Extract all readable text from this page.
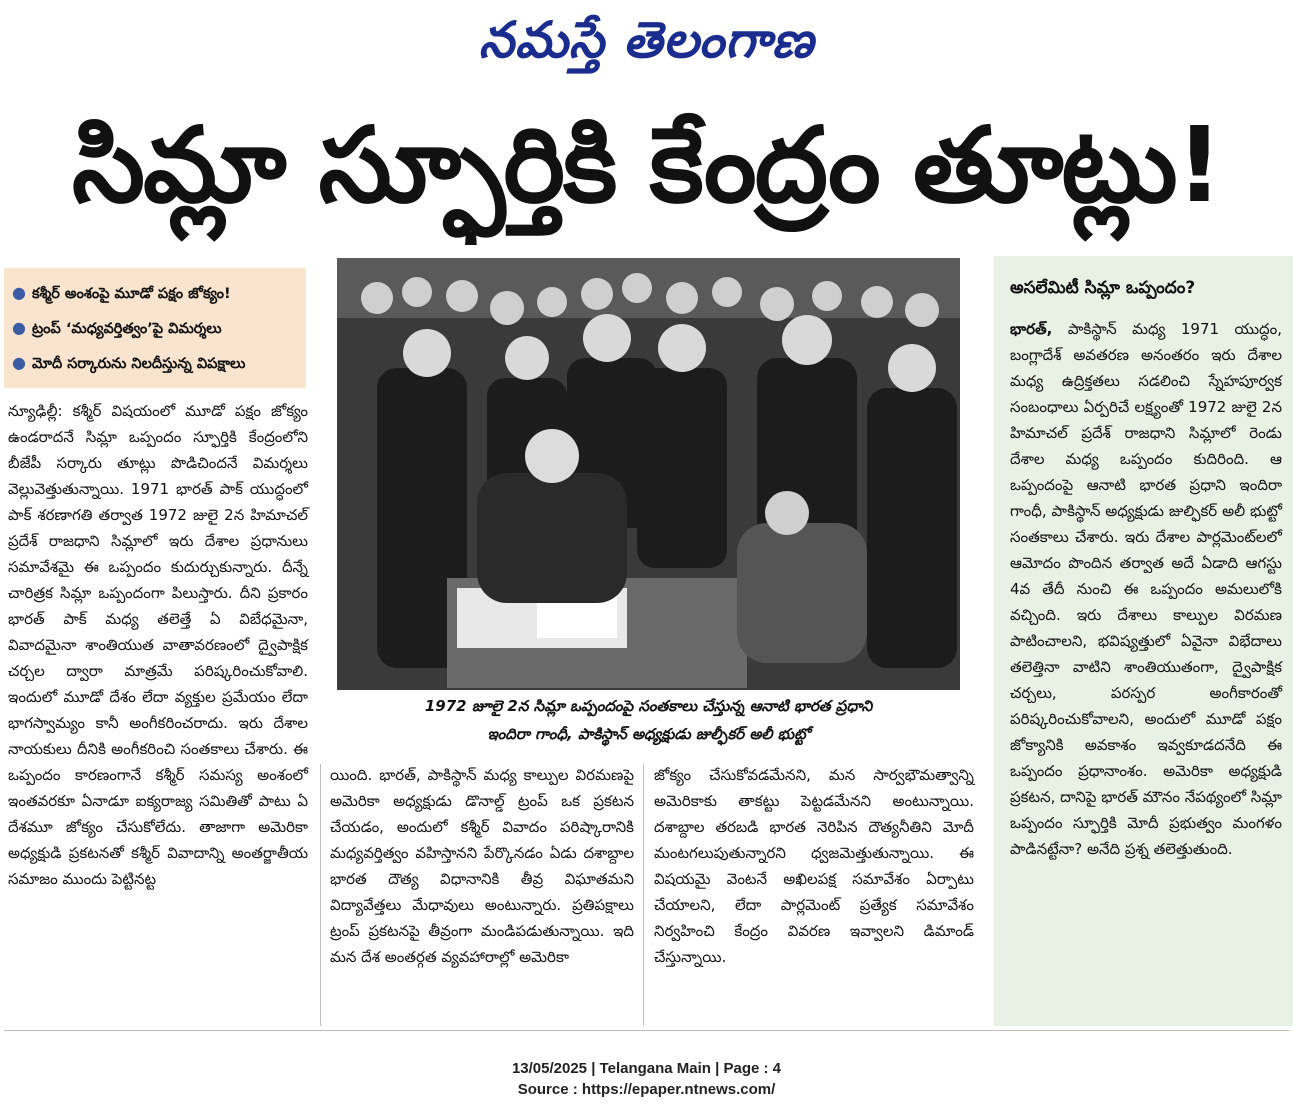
నమస్తే తెలంగాణ
సిమ్లా స్ఫూర్తికి కేంద్రం తూట్లు!
● కశ్మీర్ అంశంపై మూడో పక్షం జోక్యం!
● ట్రంప్ ‘మధ్యవర్తిత్వం’పై విమర్శలు
● మోదీ సర్కారును నిలదీస్తున్న విపక్షాలు

న్యూఢిల్లీ: కశ్మీర్ విషయంలో మూడో పక్షం జోక్యం ఉండరాదనే సిమ్లా ఒప్పందం స్ఫూర్తికి కేంద్రంలోని బీజేపీ సర్కారు తూట్లు పొడిచిందనే విమర్శలు వెల్లువెత్తుతున్నాయి. 1971 భారత్ పాక్ యుద్ధంలో పాక్ శరణాగతి తర్వాత 1972 జులై 2న హిమాచల్ ప్రదేశ్ రాజధాని సిమ్లాలో ఇరు దేశాల ప్రధానులు సమావేశమై ఈ ఒప్పందం కుదుర్చుకున్నారు. దీన్నే చారిత్రక సిమ్లా ఒప్పందంగా పిలుస్తారు. దీని ప్రకారం భారత్ పాక్ మధ్య తలెత్తే ఏ విబేధమైనా, వివాదమైనా శాంతియుత వాతావరణంలో ద్వైపాక్షిక చర్చల ద్వారా మాత్రమే పరిష్కరించుకోవాలి. ఇందులో మూడో దేశం లేదా వ్యక్తుల ప్రమేయం లేదా భాగస్వామ్యం కానీ అంగీకరించరాదు. ఇరు దేశాల నాయకులు దీనికి అంగీకరించి సంతకాలు చేశారు. ఈ ఒప్పందం కారణంగానే కశ్మీర్ సమస్య అంశంలో ఇంతవరకూ ఏనాడూ ఐక్యరాజ్య సమితితో పాటు ఏ దేశమూ జోక్యం చేసుకోలేదు. తాజాగా అమెరికా అధ్యక్షుడి ప్రకటనతో కశ్మీర్ వివాదాన్ని అంతర్జాతీయ సమాజం ముందు పెట్టినట్ట

1972 జూలై 2న సిమ్లా ఒప్పందంపై సంతకాలు చేస్తున్న ఆనాటి భారత ప్రధాని
ఇందిరా గాంధీ, పాకిస్థాన్ అధ్యక్షుడు జుల్ఫీకర్ అలీ భుట్టో

యింది. భారత్, పాకిస్థాన్ మధ్య కాల్పుల విరమణపై అమెరికా అధ్యక్షుడు డొనాల్డ్ ట్రంప్ ఒక ప్రకటన చేయడం, అందులో కశ్మీర్ వివాదం పరిష్కారానికి మధ్యవర్తిత్వం వహిస్తానని పేర్కొనడం ఏడు దశాబ్దాల భారత దౌత్య విధానానికి తీవ్ర విఘాతమని విద్యావేత్తలు మేధావులు అంటున్నారు. ప్రతిపక్షాలు ట్రంప్ ప్రకటనపై తీవ్రంగా మండిపడుతున్నాయి. ఇది మన దేశ అంతర్గత వ్యవహారాల్లో అమెరికా

జోక్యం చేసుకోవడమేనని, మన సార్వభౌమత్వాన్ని అమెరికాకు తాకట్టు పెట్టడమేనని అంటున్నాయి. దశాబ్దాల తరబడి భారత నెరిపిన దౌత్యనీతిని మోదీ మంటగలుపుతున్నారని ధ్వజమెత్తుతున్నాయి. ఈ విషయమై వెంటనే అఖిలపక్ష సమావేశం ఏర్పాటు చేయాలని, లేదా పార్లమెంట్ ప్రత్యేక సమావేశం నిర్వహించి కేంద్రం వివరణ ఇవ్వాలని డిమాండ్ చేస్తున్నాయి.

అసలేమిటీ సిమ్లా ఒప్పందం?

భారత్, పాకిస్థాన్ మధ్య 1971 యుద్ధం, బంగ్లాదేశ్ అవతరణ అనంతరం ఇరు దేశాల మధ్య ఉద్రిక్తతలు సడలించి స్నేహపూర్వక సంబంధాలు ఏర్పరిచే లక్ష్యంతో 1972 జులై 2న హిమాచల్ ప్రదేశ్ రాజధాని సిమ్లాలో రెండు దేశాల మధ్య ఒప్పందం కుదిరింది. ఆ ఒప్పందంపై ఆనాటి భారత ప్రధాని ఇందిరా గాంధీ, పాకిస్థాన్ అధ్యక్షుడు జుల్ఫికర్ అలీ భుట్టో సంతకాలు చేశారు. ఇరు దేశాల పార్లమెంట్‌లలో ఆమోదం పొందిన తర్వాత అదే ఏడాది ఆగస్టు 4వ తేదీ నుంచి ఈ ఒప్పందం అమలులోకి వచ్చింది. ఇరు దేశాలు కాల్పుల విరమణ పాటించాలని, భవిష్యత్తులో ఏవైనా విభేదాలు తలెత్తినా వాటిని శాంతియుతంగా, ద్వైపాక్షిక చర్చలు, పరస్పర అంగీకారంతో పరిష్కరించుకోవాలని, అందులో మూడో పక్షం జోక్యానికి అవకాశం ఇవ్వకూడదనేది ఈ ఒప్పందం ప్రధానాంశం. అమెరికా అధ్యక్షుడి ప్రకటన, దానిపై భారత్ మౌనం నేపథ్యంలో సిమ్లా ఒప్పందం స్ఫూర్తికి మోదీ ప్రభుత్వం మంగళం పాడినట్టేనా? అనేది ప్రశ్న తలెత్తుతుంది.

13/05/2025 | Telangana Main | Page : 4
Source : https://epaper.ntnews.com/
